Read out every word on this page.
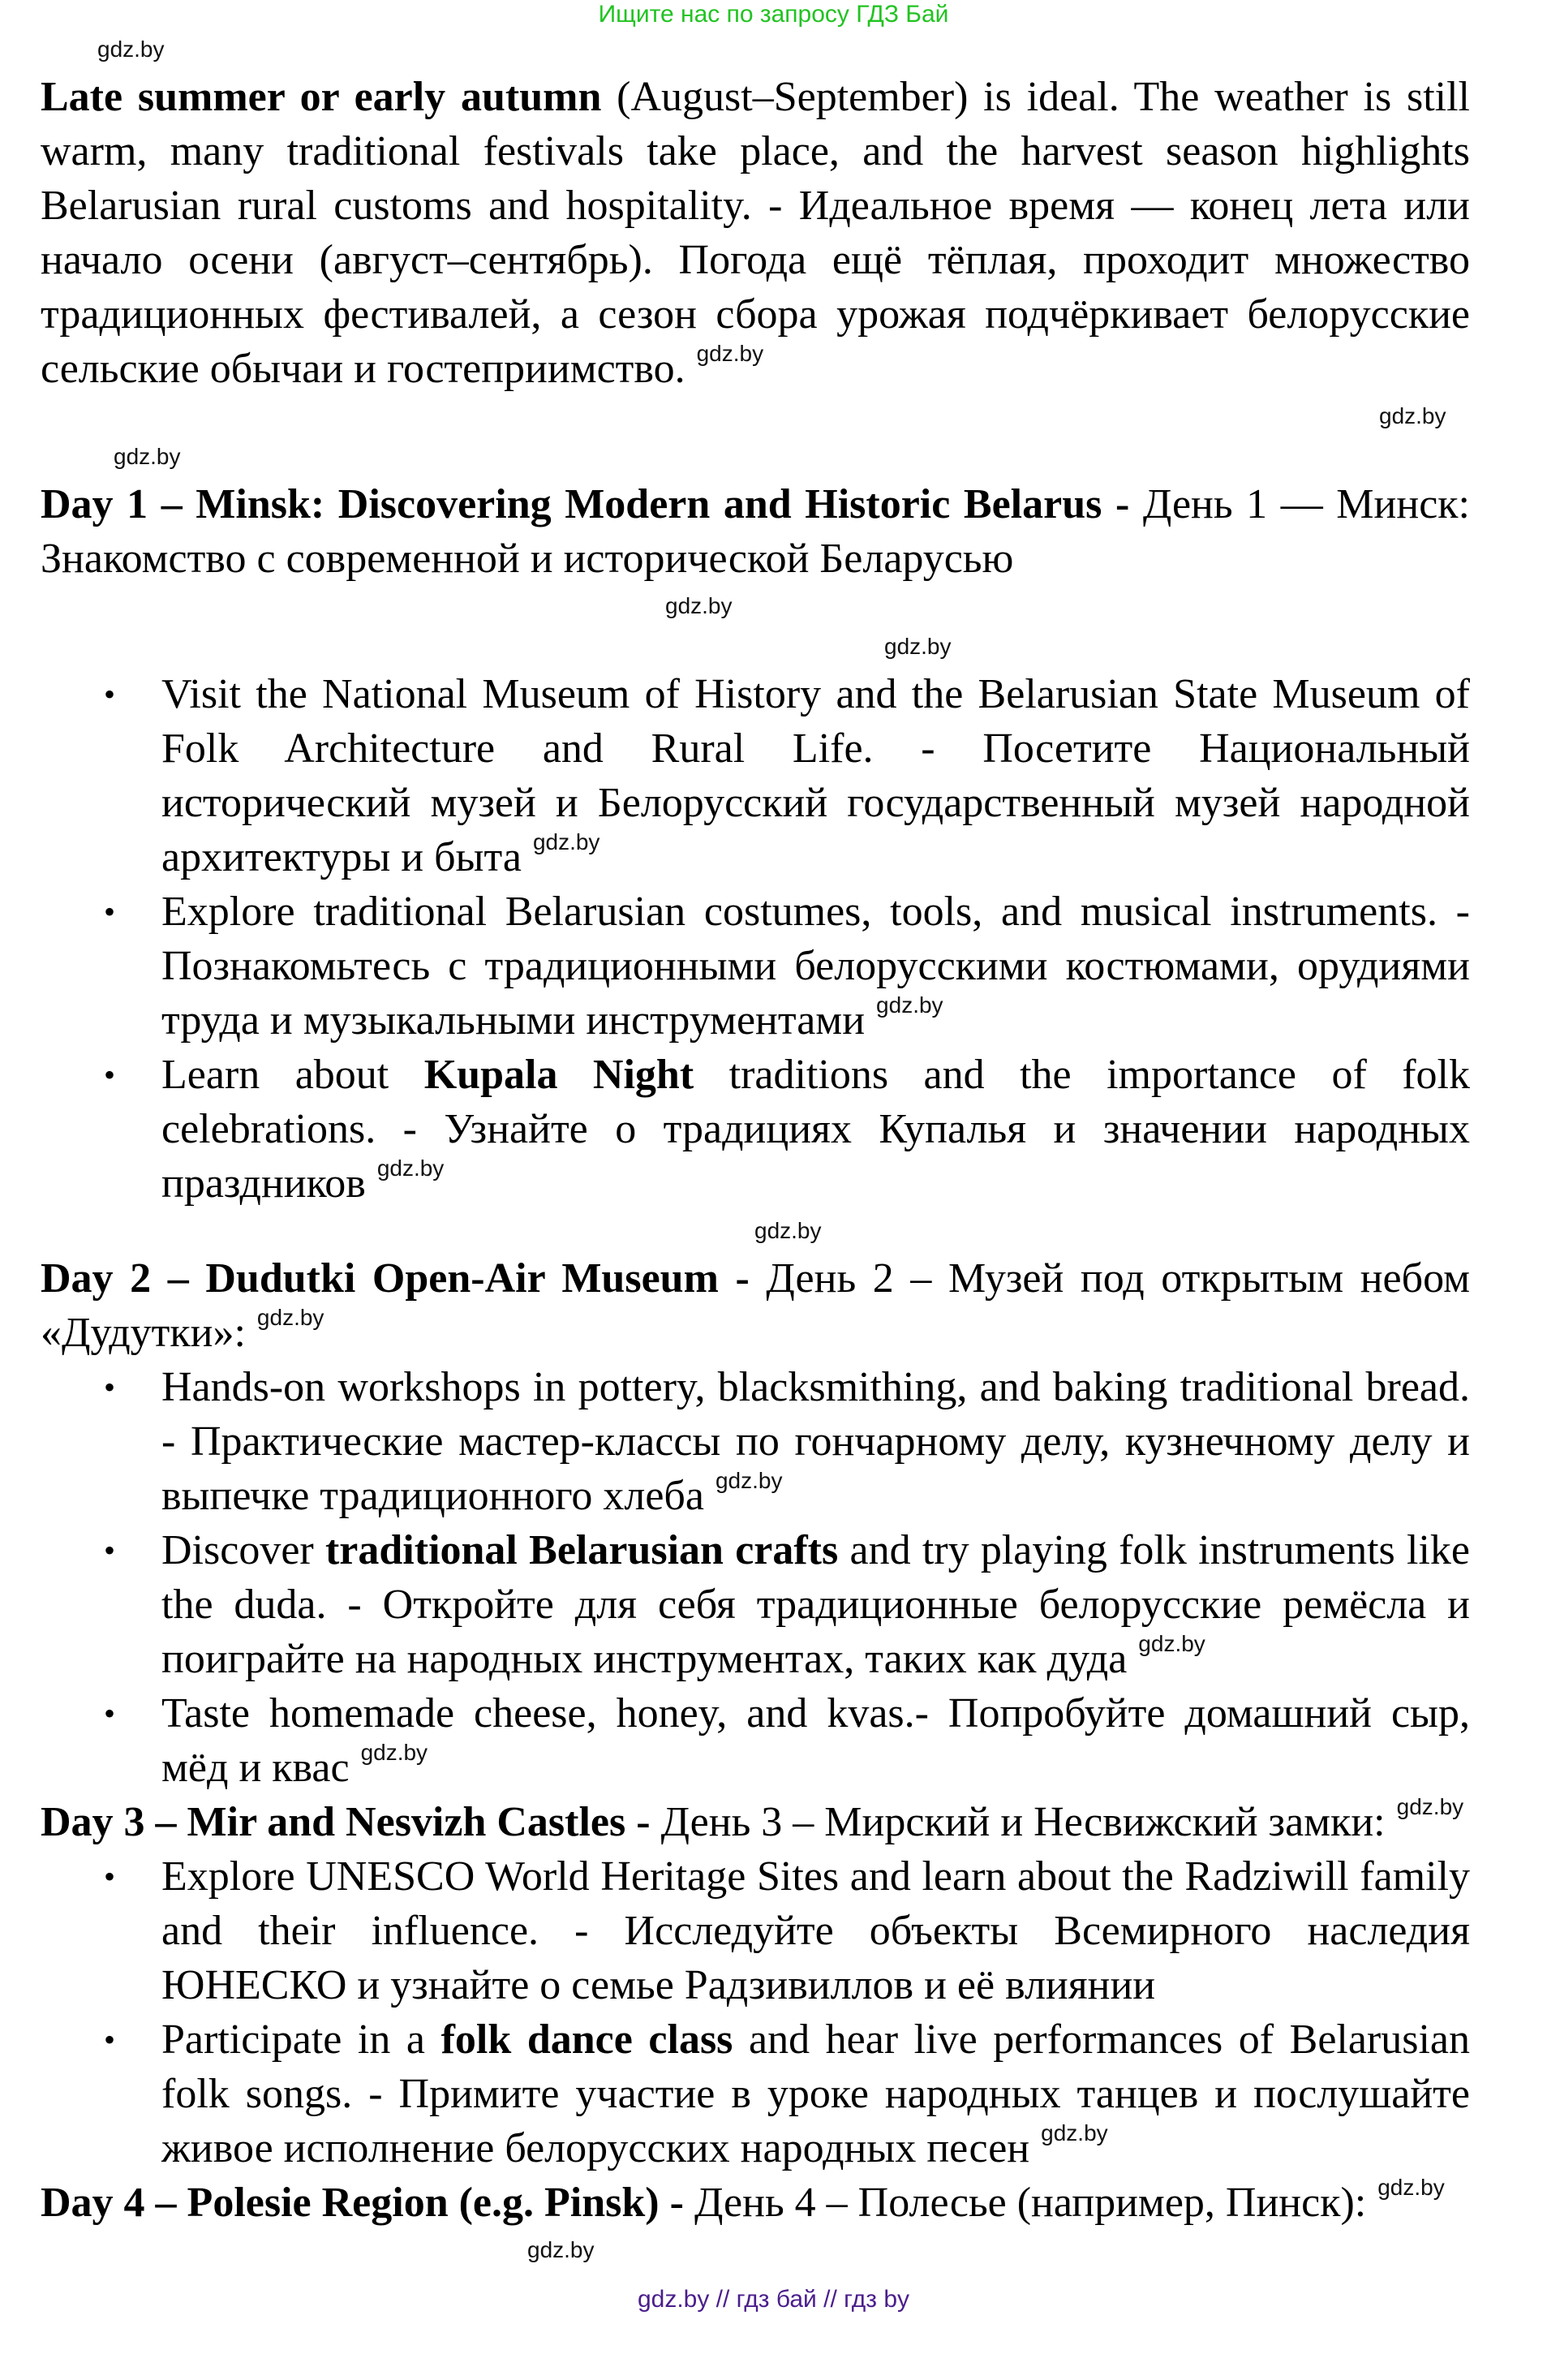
Ищите нас по запросу ГДЗ Бай
gdz.by

Late summer or early autumn (August–September) is ideal. The weather is still warm, many traditional festivals take place, and the harvest season highlights Belarusian rural customs and hospitality. - Идеальное время — конец лета или начало осени (август–сентябрь). Погода ещё тёплая, проходит множество традиционных фестивалей, а сезон сбора урожая подчёркивает белорусские сельские обычаи и гостеприимство. gdz.by

gdz.by
gdz.by
Day 1 – Minsk: Discovering Modern and Historic Belarus - День 1 — Минск: Знакомство с современной и исторической Беларусью
gdz.by
gdz.by
• Visit the National Museum of History and the Belarusian State Museum of Folk Architecture and Rural Life. - Посетите Национальный исторический музей и Белорусский государственный музей народной архитектуры и быта gdz.by
• Explore traditional Belarusian costumes, tools, and musical instruments. - Познакомьтесь с традиционными белорусскими костюмами, орудиями труда и музыкальными инструментами gdz.by
• Learn about Kupala Night traditions and the importance of folk celebrations. - Узнайте о традициях Купалья и значении народных праздников gdz.by
gdz.by
Day 2 – Dudutki Open-Air Museum - День 2 – Музей под открытым небом «Дудутки»: gdz.by
• Hands-on workshops in pottery, blacksmithing, and baking traditional bread. - Практические мастер-классы по гончарному делу, кузнечному делу и выпечке традиционного хлеба gdz.by
• Discover traditional Belarusian crafts and try playing folk instruments like the duda. - Откройте для себя традиционные белорусские ремёсла и поиграйте на народных инструментах, таких как дуда gdz.by
• Taste homemade cheese, honey, and kvas.- Попробуйте домашний сыр, мёд и квас gdz.by
Day 3 – Mir and Nesvizh Castles - День 3 – Мирский и Несвижский замки: gdz.by
• Explore UNESCO World Heritage Sites and learn about the Radziwill family and their influence. - Исследуйте объекты Всемирного наследия ЮНЕСКО и узнайте о семье Радзивиллов и её влиянии
• Participate in a folk dance class and hear live performances of Belarusian folk songs. - Примите участие в уроке народных танцев и послушайте живое исполнение белорусских народных песен gdz.by
Day 4 – Polesie Region (e.g. Pinsk) - День 4 – Полесье (например, Пинск): gdz.by
gdz.by
gdz.by // гдз бай // гдз by
